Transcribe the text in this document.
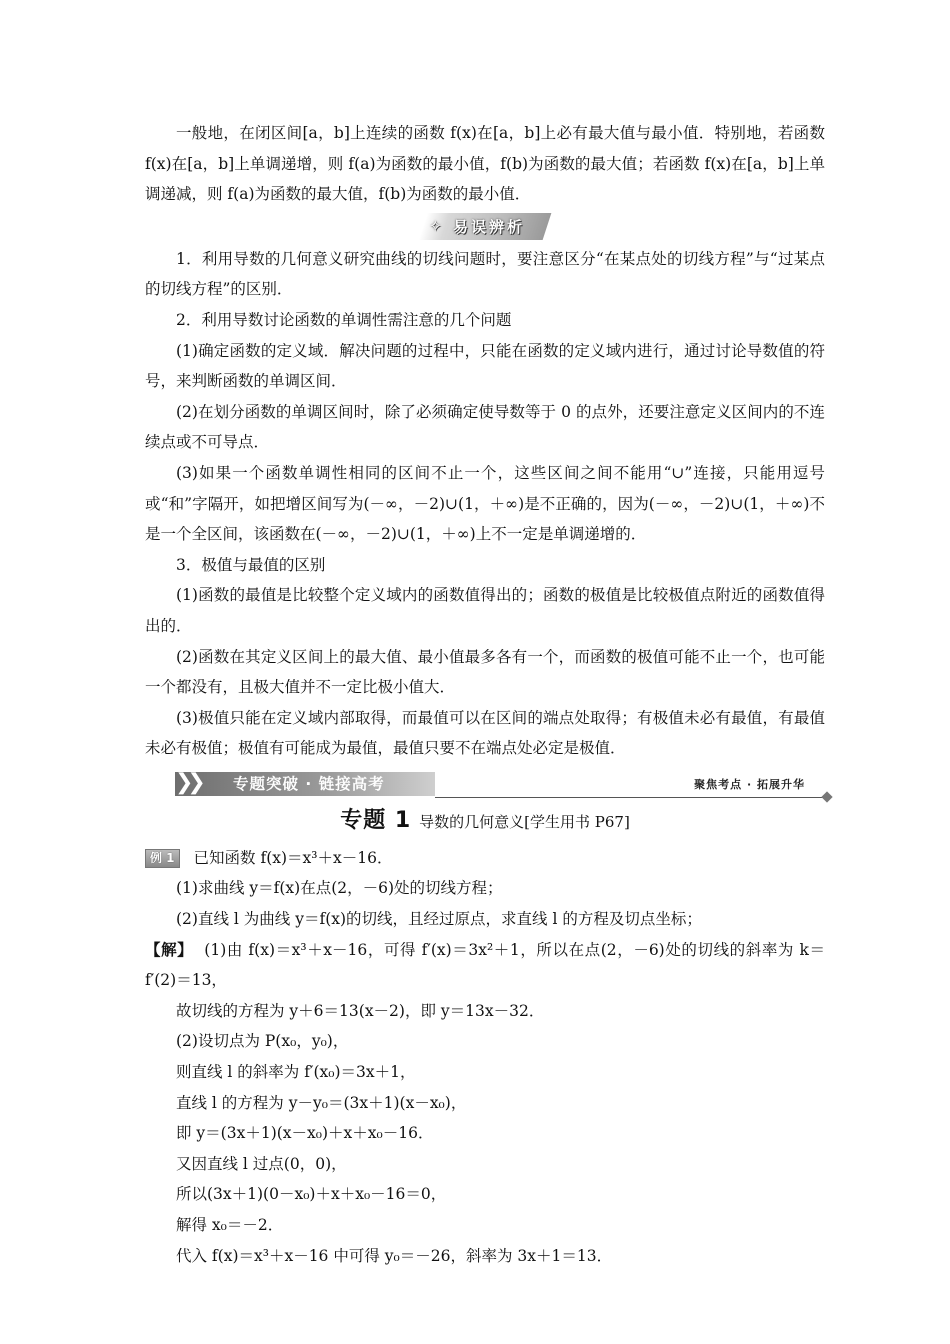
一般地，在闭区间[a，b]上连续的函数 f(x)在[a，b]上必有最大值与最小值．特别地，若函数 f(x)在[a，b]上单调递增，则 f(a)为函数的最小值，f(b)为函数的最大值；若函数 f(x)在[a，b]上单调递减，则 f(a)为函数的最大值，f(b)为函数的最小值．

✧ 易误辨析

1．利用导数的几何意义研究曲线的切线问题时，要注意区分“在某点处的切线方程”与“过某点的切线方程”的区别．

2．利用导数讨论函数的单调性需注意的几个问题

(1)确定函数的定义域．解决问题的过程中，只能在函数的定义域内进行，通过讨论导数值的符号，来判断函数的单调区间．

(2)在划分函数的单调区间时，除了必须确定使导数等于 0 的点外，还要注意定义区间内的不连续点或不可导点．

(3)如果一个函数单调性相同的区间不止一个，这些区间之间不能用“∪”连接，只能用逗号或“和”字隔开，如把增区间写为(－∞，－2)∪(1，＋∞)是不正确的，因为(－∞，－2)∪(1，＋∞)不是一个全区间，该函数在(－∞，－2)∪(1，＋∞)上不一定是单调递增的．

3．极值与最值的区别

(1)函数的最值是比较整个定义域内的函数值得出的；函数的极值是比较极值点附近的函数值得出的．

(2)函数在其定义区间上的最大值、最小值最多各有一个，而函数的极值可能不止一个，也可能一个都没有，且极大值并不一定比极小值大．

(3)极值只能在定义域内部取得，而最值可以在区间的端点处取得；有极值未必有最值，有最值未必有极值；极值有可能成为最值，最值只要不在端点处必定是极值．

❯❯ 专题突破 · 链接高考	聚焦考点 · 拓展升华
专题 1 导数的几何意义[学生用书 P67]

例 1 已知函数 f(x)＝x³＋x－16．

(1)求曲线 y＝f(x)在点(2，－6)处的切线方程；

(2)直线 l 为曲线 y＝f(x)的切线，且经过原点，求直线 l 的方程及切点坐标；

【解】 (1)由 f(x)＝x³＋x－16，可得 f′(x)＝3x²＋1，所以在点(2，－6)处的切线的斜率为 k＝f′(2)＝13，

故切线的方程为 y＋6＝13(x－2)，即 y＝13x－32．

(2)设切点为 P(x₀，y₀)，

则直线 l 的斜率为 f′(x₀)＝3x＋1，

直线 l 的方程为 y－y₀＝(3x＋1)(x－x₀)，

即 y＝(3x＋1)(x－x₀)＋x＋x₀－16．

又因直线 l 过点(0，0)，

所以(3x＋1)(0－x₀)＋x＋x₀－16＝0，

解得 x₀＝－2．

代入 f(x)＝x³＋x－16 中可得 y₀＝－26，斜率为 3x＋1＝13．
